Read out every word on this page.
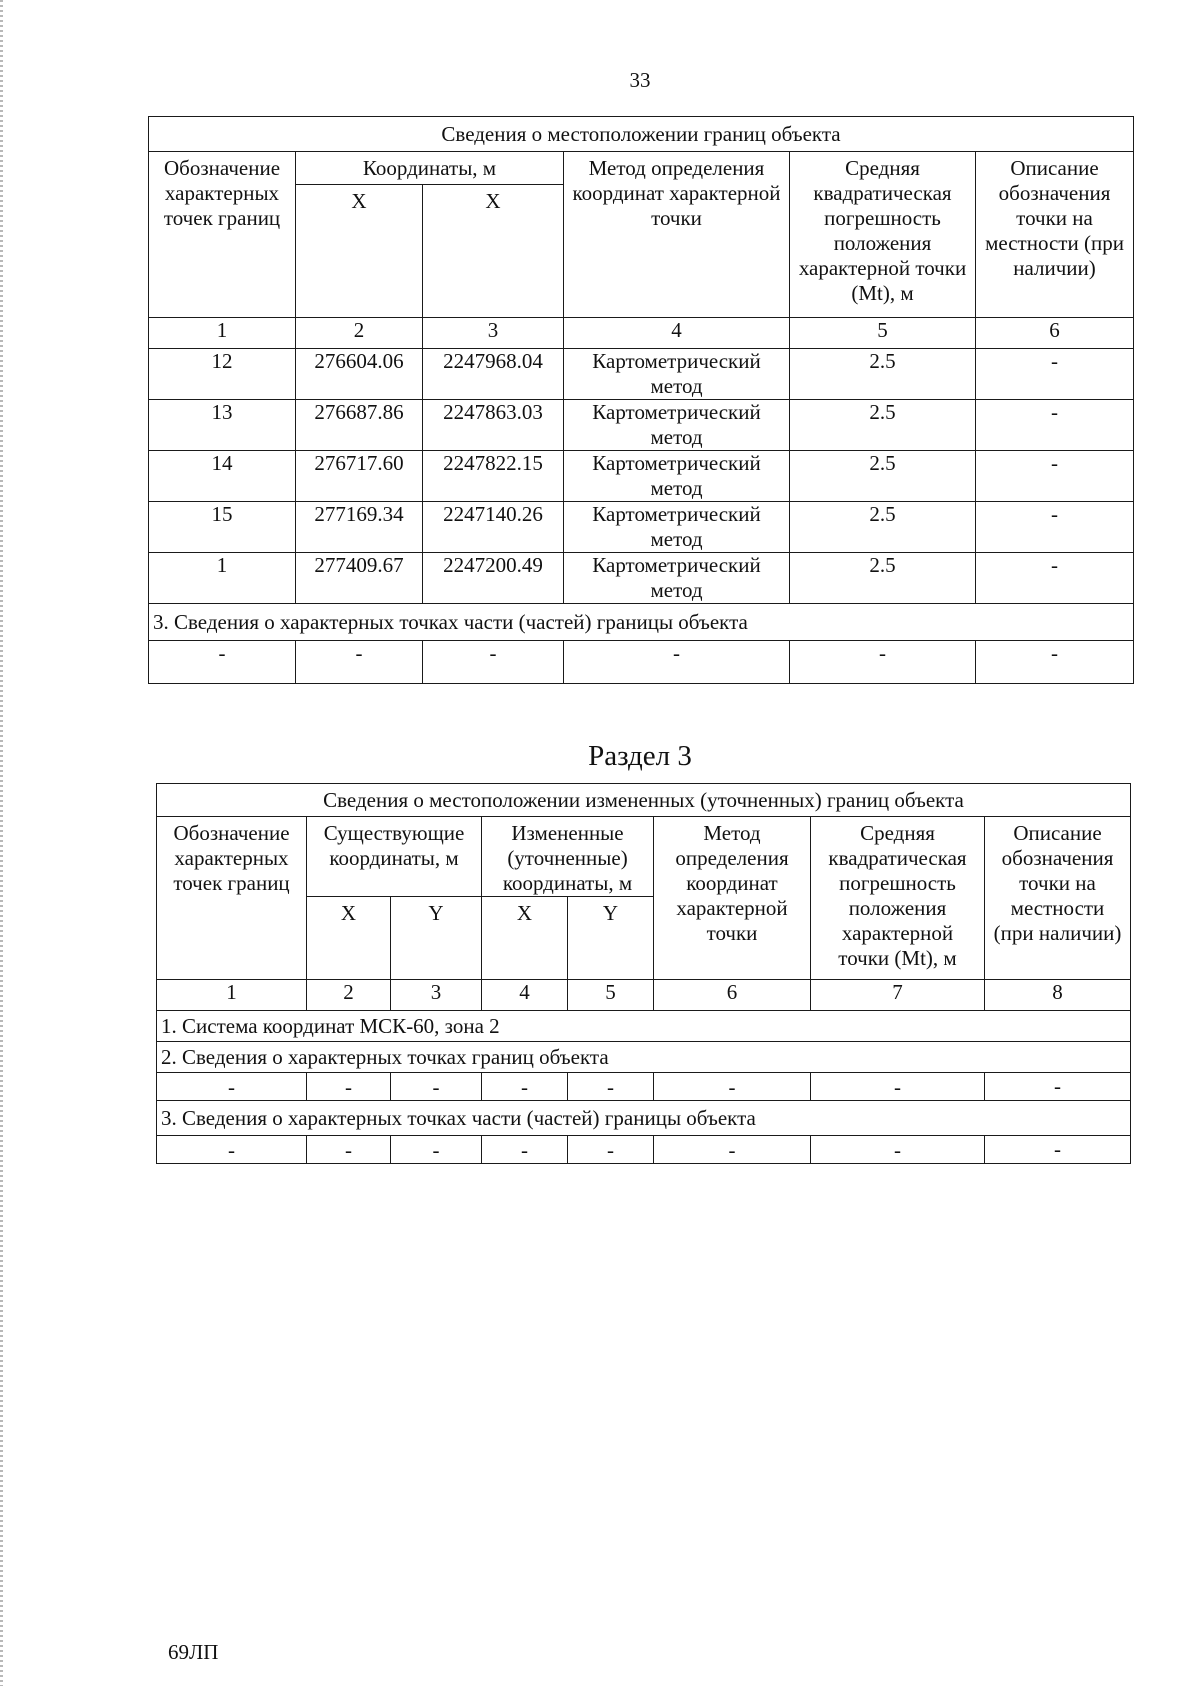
33
Сведения о местоположении границ объекта					
Обозначение характерных точек границ	Координаты, м		Метод определения координат характерной точки	Средняя квадратическая погрешность положения характерной точки (Mt), м	Описание обозначения точки на местности (при наличии)
	X	X			
1	2	3	4	5	6
12	276604.06	2247968.04	Картометрический метод	2.5	-
13	276687.86	2247863.03	Картометрический метод	2.5	-
14	276717.60	2247822.15	Картометрический метод	2.5	-
15	277169.34	2247140.26	Картометрический метод	2.5	-
1	277409.67	2247200.49	Картометрический метод	2.5	-
3. Сведения о характерных точках части (частей) границы объекта					
-	-	-	-	-	-
Раздел 3
Сведения о местоположении измененных (уточненных) границ объекта							
Обозначение характерных точек границ	Существующие координаты, м		Измененные (уточненные) координаты, м		Метод определения координат характерной точки	Средняя квадратическая погрешность положения характерной точки (Mt), м	Описание обозначения точки на местности (при наличии)
	X	Y	X	Y			
1	2	3	4	5	6	7	8
1. Система координат МСК-60, зона 2							
2. Сведения о характерных точках границ объекта							
-	-	-	-	-	-	-	-
3. Сведения о характерных точках части (частей) границы объекта							
-	-	-	-	-	-	-	-
69ЛП
